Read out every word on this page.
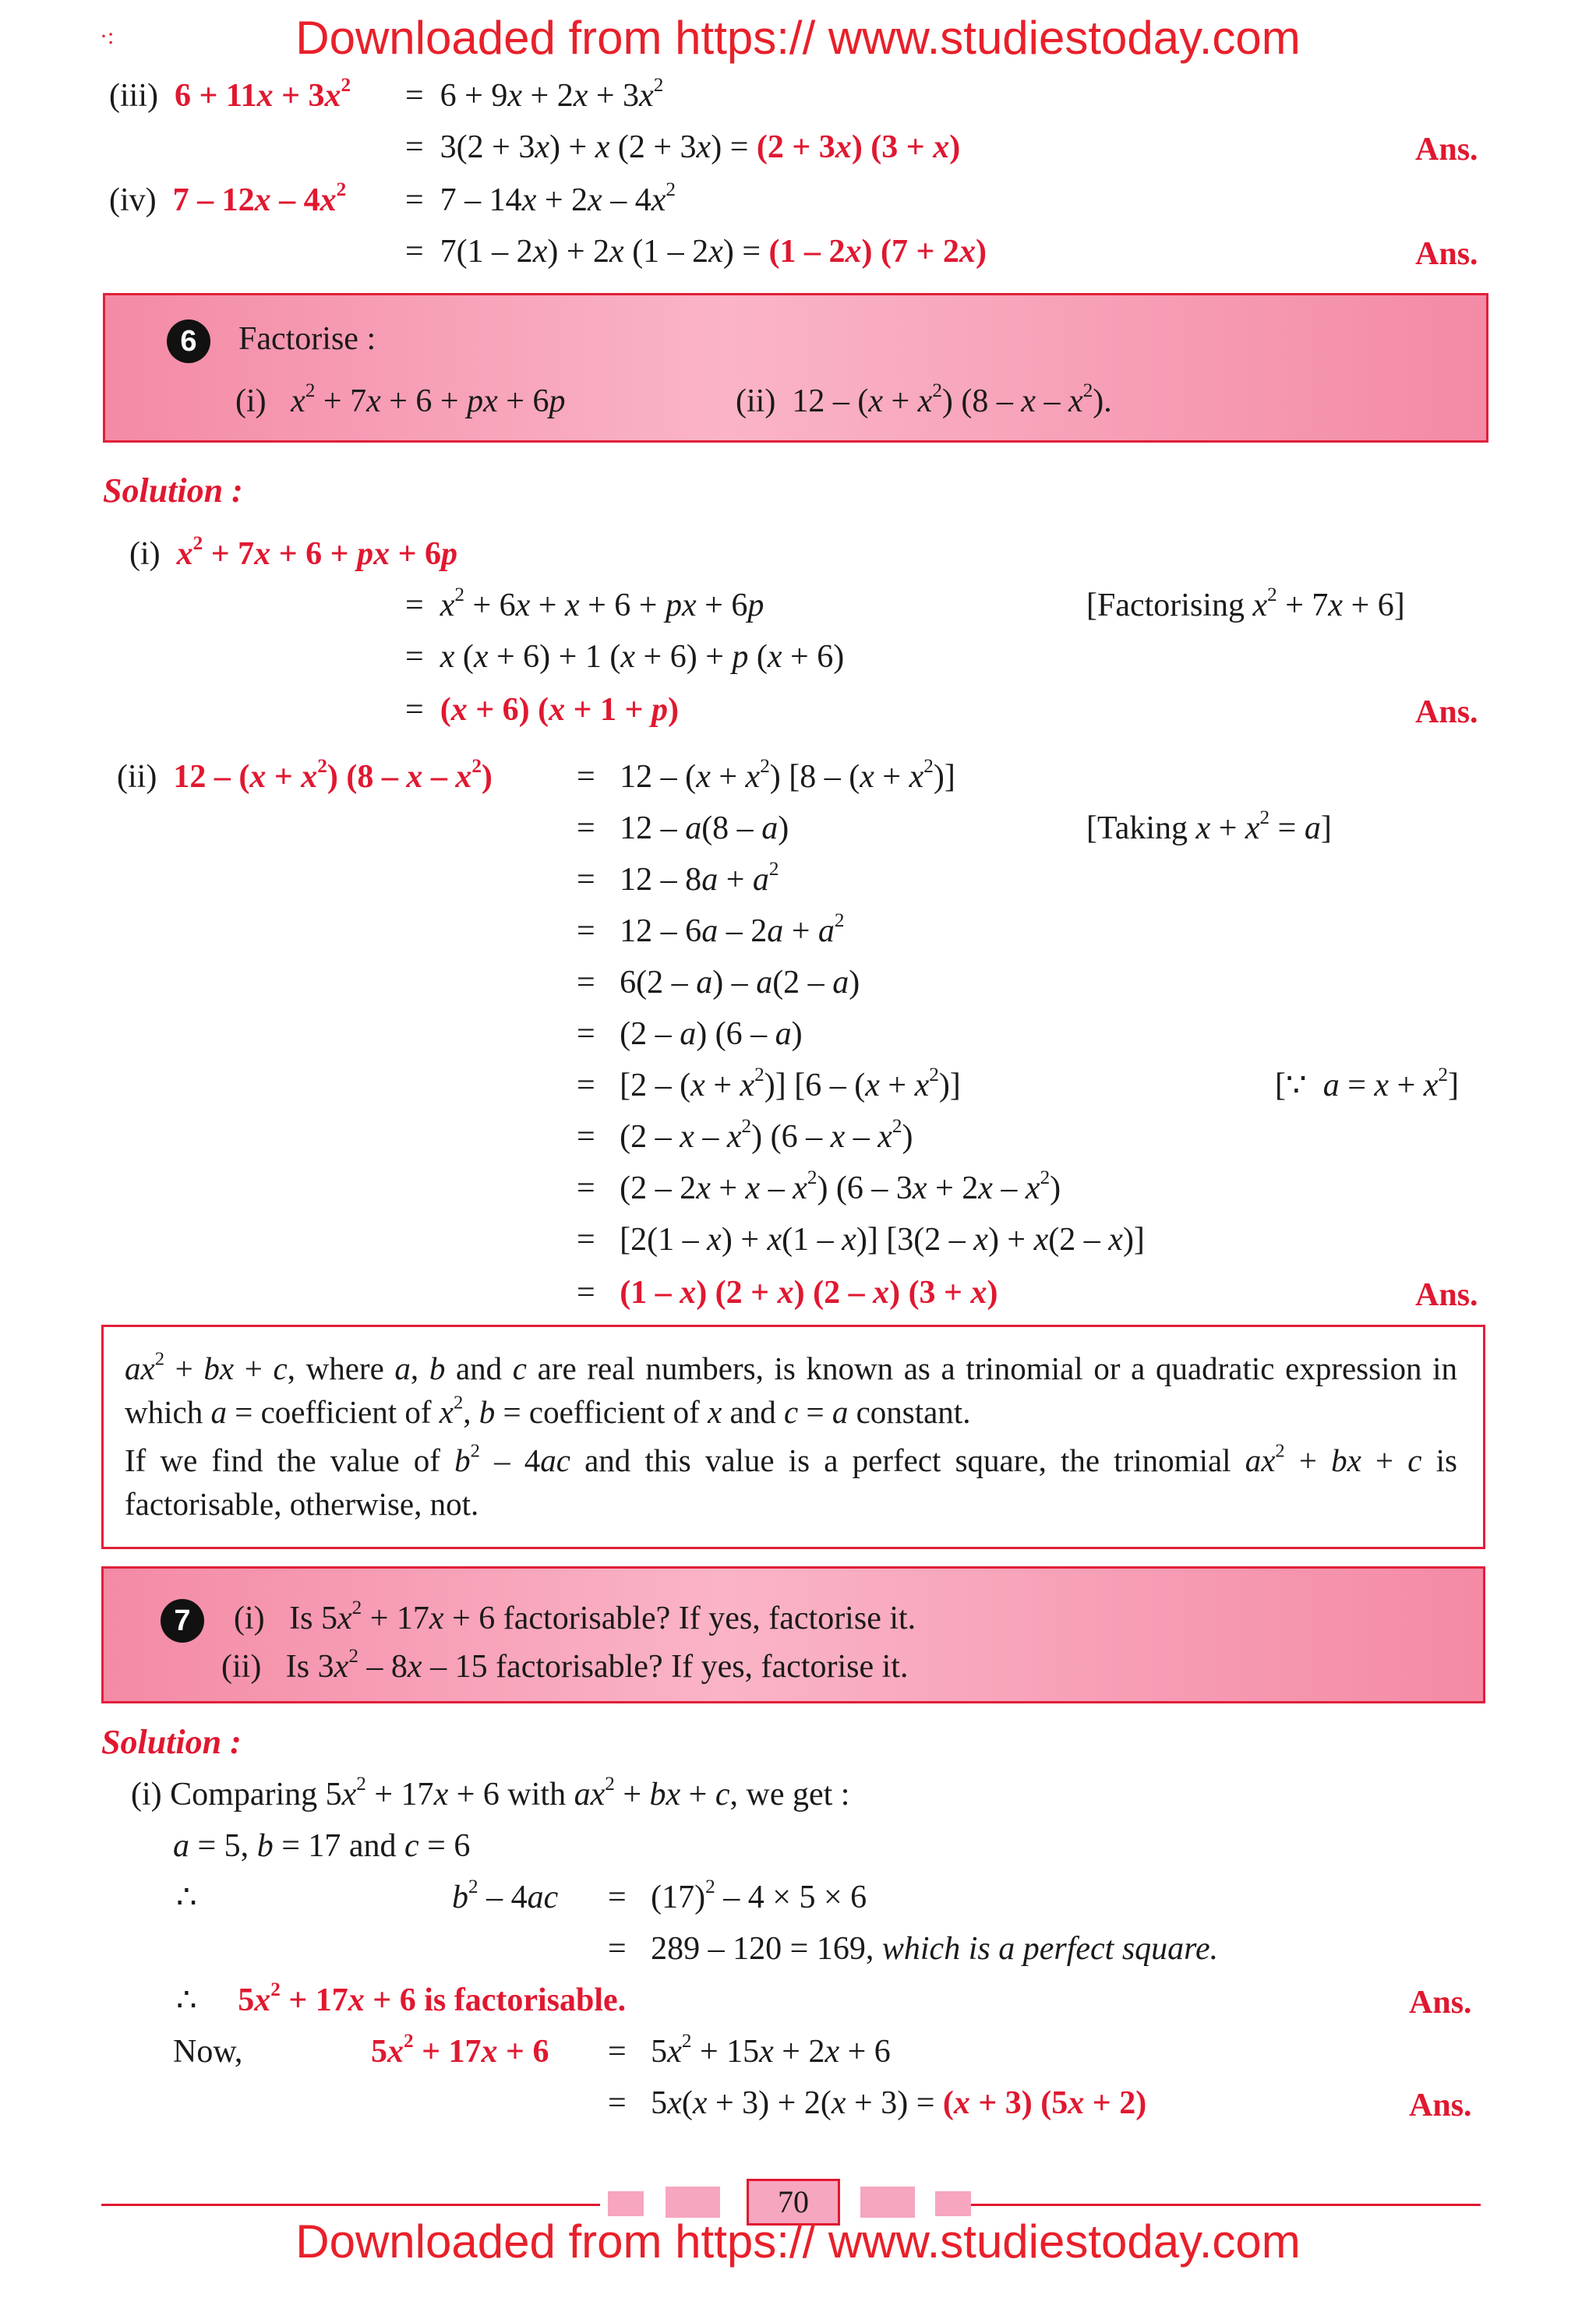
Downloaded from https:// www.studiestoday.com
·:
(iii) $6 + 11x + 3x^2 = 6 + 9x + 2x + 3x^2$
=  3(2 + 3x) + x (2 + 3x) = (2 + 3x) (3 + x)	Ans.
(iv) $7 - 12x - 4x^2 = 7 - 14x + 2x - 4x^2$
=  7(1 – 2x) + 2x (1 – 2x) = (1 – 2x) (7 + 2x)	Ans.
6	Factorise :
(i) $x^2 + 7x + 6$ + px + 6p	(ii)  $12 - (x + x^2)$ (8 – x – $x^2$).
Solution :
(i)  $x^2 + 7x + 6$ + px + 6p
=  $x^2 + 6x + x + 6$ + px + 6p	[Factorising $x^2 + 7x + 6$]
=  x (x + 6) + 1 (x + 6) + p (x + 6)
=  (x + 6) (x + 1 + p)	Ans.
(ii)  $12 - (x + x^2)$ (8 – x – $x^2$)	=   $12 - (x + x^2)$ $[8 - (x + x^2)]$
=   12 – a(8 – a)	[Taking $x + x^2 = a$]
=   $12 - 8a + a^2$
=   $12 - 6a - 2a + a^2$
=   6(2 – a) – a(2 – a)
=   (2 – a) (6 – a)
=   $[2 - (x + x^2)]$ $[6 - (x + x^2)]$	[∵  $a = x + x^2$]
=   (2 – x – $x^2$) (6 – x – $x^2$)
=   $(2 - 2x + x - x^2)$ $(6 - 3x + 2x - x^2)$
=   [2(1 – x) + x(1 – x)] [3(2 – x) + x(2 – x)]
=   (1 – x) (2 + x) (2 – x) (3 + x)	Ans.
$ax^2$ + bx + c, where a, b and c are real numbers, is known as a trinomial or a quadratic expression in which a = coefficient of $x^2$, b = coefficient of x and c = a constant.
If we find the value of $b^2 - 4ac$ and this value is a perfect square, the trinomial $ax^2$ + bx + c is factorisable, otherwise, not.
7	(i)   Is $5x^2 + 17x + 6$ factorisable? If yes, factorise it.
(ii)   Is $3x^2 - 8x - 15$ factorisable? If yes, factorise it.
Solution :
(i) Comparing $5x^2 + 17x + 6$ with $ax^2$ + bx + c, we get :
a = 5, b = 17 and c = 6
∴	$b^2 - 4ac = (17)^2 - 4 \times 5 \times 6$
=   289 – 120 = 169, which is a perfect square.
∴     $5x^2 + 17x + 6$ is factorisable.	Ans.
Now,	$5x^2 + 17x + 6 = 5x^2 + 15x + 2x + 6$
=   5x(x + 3) + 2(x + 3) = (x + 3) (5x + 2)	Ans.
70
Downloaded from https:// www.studiestoday.com
